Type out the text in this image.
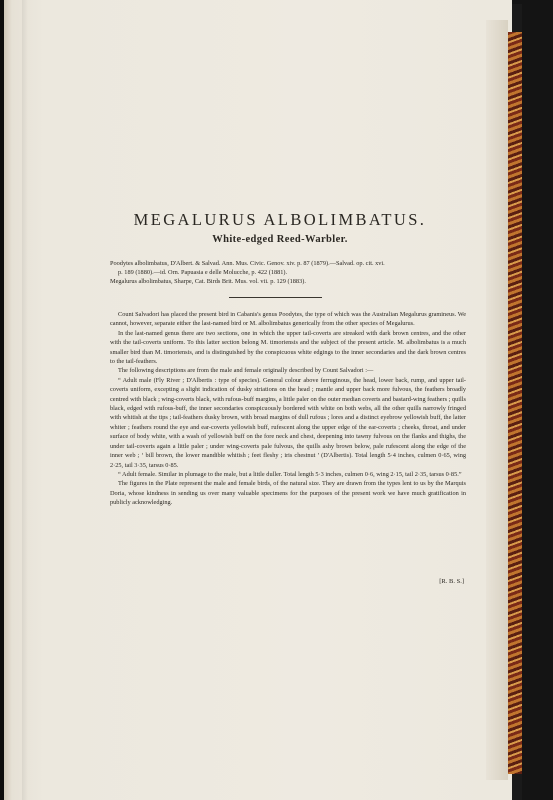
MEGALURUS ALBOLIMBATUS.
White-edged Reed-Warbler.

Poodytes albolimbatus, D'Albert. & Salvad. Ann. Mus. Civic. Genov. xiv. p. 87 (1879).—Salvad. op. cit. xvi.

p. 189 (1880).—id. Orn. Papuasia e delle Molucche, p. 422 (1881).

Megalurus albolimbatus, Sharpe, Cat. Birds Brit. Mus. vol. vii. p. 129 (1883).

Count Salvadori has placed the present bird in Cabanis's genus Poodytes, the type of which was the Australian Megalurus gramineus. We cannot, however, separate either the last-named bird or M. albolimbatus generically from the other species of Megalurus.

In the last-named genus there are two sections, one in which the upper tail-coverts are streaked with dark brown centres, and the other with the tail-coverts uniform. To this latter section belong M. timoriensis and the subject of the present article. M. albolimbatus is a much smaller bird than M. timoriensis, and is distinguished by the conspicuous white edgings to the inner secondaries and the dark brown centres to the tail-feathers.

The following descriptions are from the male and female originally described by Count Salvadori :—

“ Adult male (Fly River ; D'Albertis : type of species). General colour above ferruginous, the head, lower back, rump, and upper tail-coverts uniform, excepting a slight indication of dusky striations on the head ; mantle and upper back more fulvous, the feathers broadly centred with black ; wing-coverts black, with rufous-buff margins, a little paler on the outer median coverts and bastard-wing feathers ; quills black, edged with rufous-buff, the inner secondaries conspicuously bordered with white on both webs, all the other quills narrowly fringed with whitish at the tips ; tail-feathers dusky brown, with broad margins of dull rufous ; lores and a distinct eyebrow yellowish buff, the latter whiter ; feathers round the eye and ear-coverts yellowish buff, rufescent along the upper edge of the ear-coverts ; cheeks, throat, and under surface of body white, with a wash of yellowish buff on the fore neck and chest, deepening into tawny fulvous on the flanks and thighs, the under tail-coverts again a little paler ; under wing-coverts pale fulvous, the quills ashy brown below, pale rufescent along the edge of the inner web ; ‘ bill brown, the lower mandible whitish ; feet fleshy ; iris chestnut ’ (D'Albertis). Total length 5·4 inches, culmen 0·65, wing 2·25, tail 3·35, tarsus 0·85.

“ Adult female. Similar in plumage to the male, but a little duller. Total length 5·3 inches, culmen 0·6, wing 2·15, tail 2·35, tarsus 0·85.”

The figures in the Plate represent the male and female birds, of the natural size. They are drawn from the types lent to us by the Marquis Doria, whose kindness in sending us over many valuable specimens for the purposes of the present work we have much gratification in publicly acknowledging.

[R. B. S.]
